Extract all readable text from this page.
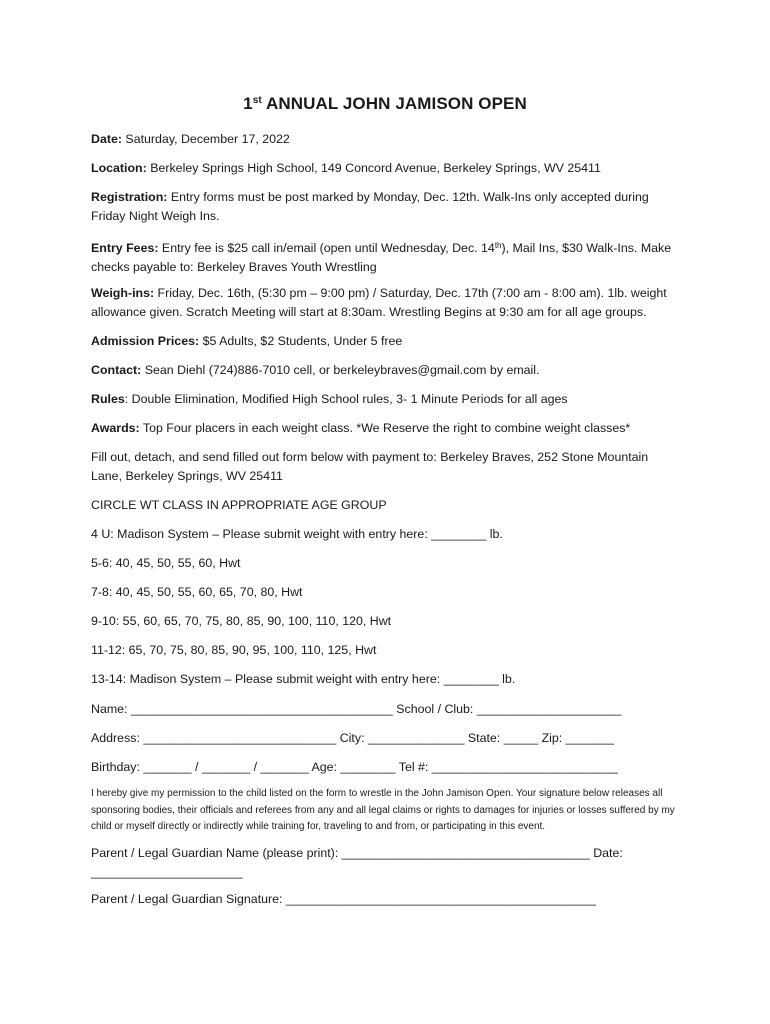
1st ANNUAL JOHN JAMISON OPEN
Date: Saturday, December 17, 2022
Location: Berkeley Springs High School, 149 Concord Avenue, Berkeley Springs, WV 25411
Registration: Entry forms must be post marked by Monday, Dec. 12th. Walk-Ins only accepted during Friday Night Weigh Ins.
Entry Fees: Entry fee is $25 call in/email (open until Wednesday, Dec. 14th), Mail Ins, $30 Walk-Ins. Make checks payable to: Berkeley Braves Youth Wrestling
Weigh-ins: Friday, Dec. 16th, (5:30 pm – 9:00 pm) / Saturday, Dec. 17th (7:00 am - 8:00 am). 1lb. weight allowance given. Scratch Meeting will start at 8:30am. Wrestling Begins at 9:30 am for all age groups.
Admission Prices: $5 Adults, $2 Students, Under 5 free
Contact: Sean Diehl (724)886-7010 cell, or berkeleybraves@gmail.com by email.
Rules: Double Elimination, Modified High School rules, 3- 1 Minute Periods for all ages
Awards: Top Four placers in each weight class. *We Reserve the right to combine weight classes*
Fill out, detach, and send filled out form below with payment to: Berkeley Braves, 252 Stone Mountain Lane, Berkeley Springs, WV 25411
CIRCLE WT CLASS IN APPROPRIATE AGE GROUP
4 U: Madison System – Please submit weight with entry here: ________ lb.
5-6: 40, 45, 50, 55, 60, Hwt
7-8: 40, 45, 50, 55, 60, 65, 70, 80, Hwt
9-10: 55, 60, 65, 70, 75, 80, 85, 90, 100, 110, 120, Hwt
11-12: 65, 70, 75, 80, 85, 90, 95, 100, 110, 125, Hwt
13-14: Madison System – Please submit weight with entry here: ________ lb.
Name: ______________________________________ School / Club: _____________________
Address: ____________________________ City: ______________ State: _____ Zip: _______
Birthday: _______ / _______ / _______ Age: ________ Tel #: ___________________________
I hereby give my permission to the child listed on the form to wrestle in the John Jamison Open. Your signature below releases all sponsoring bodies, their officials and referees from any and all legal claims or rights to damages for injuries or losses suffered by my child or myself directly or indirectly while training for, traveling to and from, or participating in this event.
Parent / Legal Guardian Name (please print): ____________________________________ Date: ______________________
Parent / Legal Guardian Signature: _____________________________________________
